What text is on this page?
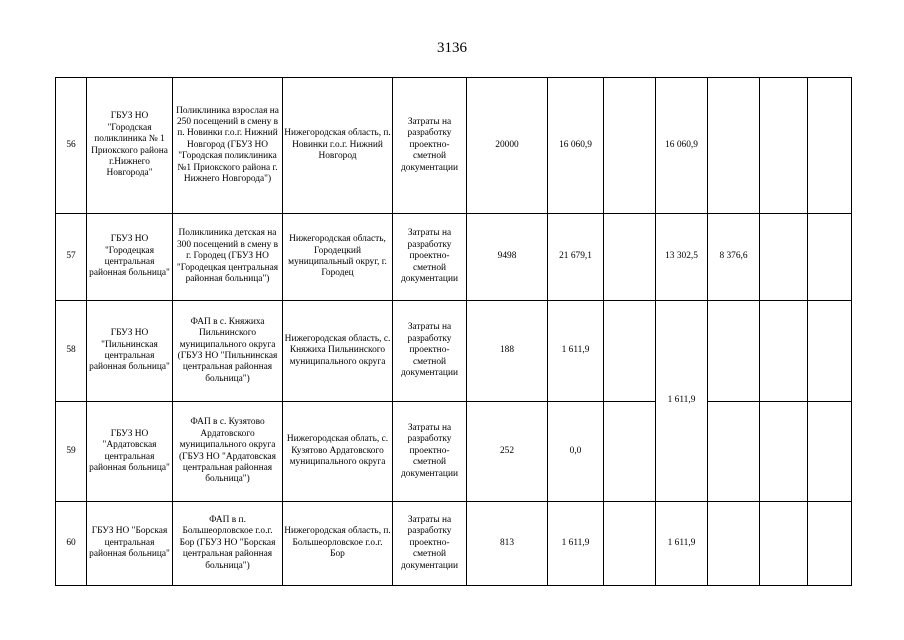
3136
56	ГБУЗ НО "Городская поликлиника № 1 Приокского района г.Нижнего Новгорода"	Поликлиника взрослая на 250 посещений в смену в п. Новинки г.о.г. Нижний Новгород (ГБУЗ НО "Городская поликлиника №1 Приокского района г. Нижнего Новгорода")	Нижегородская область, п. Новинки г.о.г. Нижний Новгород	Затраты на разработку проектно-сметной документации	20000	16 060,9		16 060,9			
57	ГБУЗ НО "Городецкая центральная районная больница"	Поликлиника детская на 300 посещений в смену в г. Городец (ГБУЗ НО "Городецкая центральная районная больница")	Нижегородская область, Городецкий муниципальный округ, г. Городец	Затраты на разработку проектно-сметной документации	9498	21 679,1		13 302,5	8 376,6		
58	ГБУЗ НО "Пильнинская центральная районная больница"	ФАП в с. Княжиха Пильнинского муниципального округа (ГБУЗ НО "Пильнинская центральная районная больница")	Нижегородская область, с. Княжиха Пильнинского муниципального округа	Затраты на разработку проектно-сметной документации	188	1 611,9		1 611,9			
59	ГБУЗ НО "Ардатовская центральная районная больница"	ФАП в с. Кузятово Ардатовского муниципального округа (ГБУЗ НО "Ардатовская центральная районная больница")	Нижегородская облать, с. Кузятово Ардатовского муниципального округа	Затраты на разработку проектно-сметной документации	252	0,0					
60	ГБУЗ НО "Борская центральная районная больница"	ФАП в п. Большеорловское г.о.г. Бор (ГБУЗ НО "Борская центральная районная больница")	Нижегородская область, п. Большеорловское г.о.г. Бор	Затраты на разработку проектно-сметной документации	813	1 611,9		1 611,9			
